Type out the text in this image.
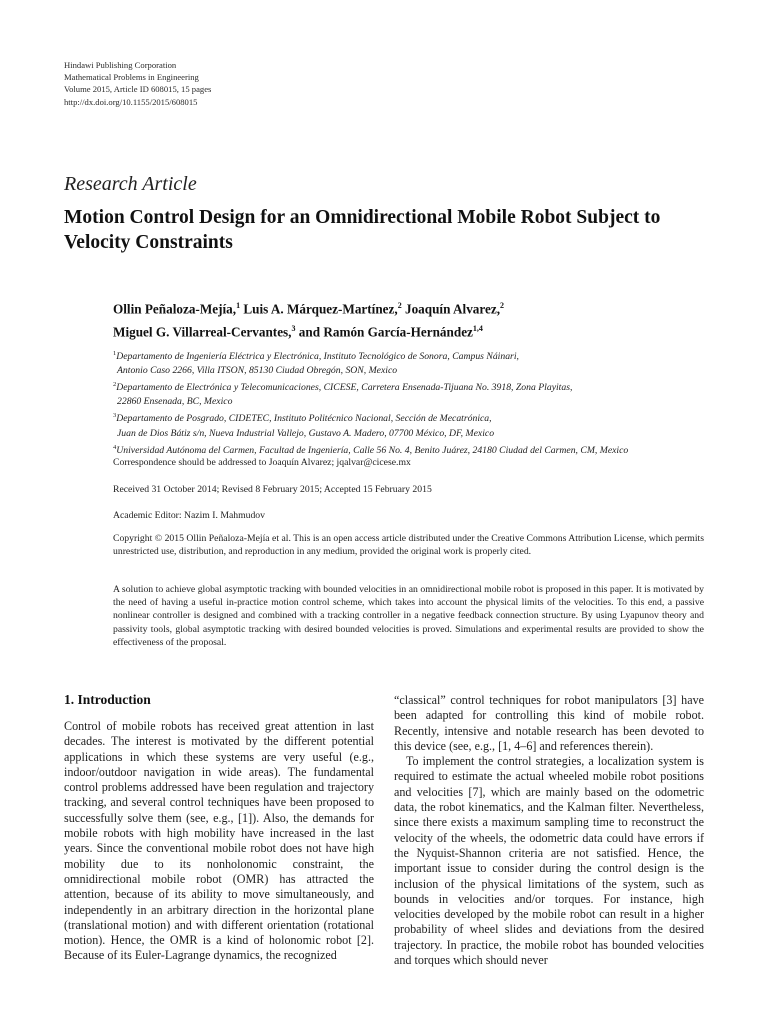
Hindawi Publishing Corporation
Mathematical Problems in Engineering
Volume 2015, Article ID 608015, 15 pages
http://dx.doi.org/10.1155/2015/608015
Research Article
Motion Control Design for an Omnidirectional Mobile Robot Subject to Velocity Constraints
Ollin Peñaloza-Mejía,$^1$ Luis A. Márquez-Martínez,$^2$ Joaquín Alvarez,$^2$
Miguel G. Villarreal-Cervantes,$^3$ and Ramón García-Hernández$^{1,4}$
$^1$Departamento de Ingeniería Eléctrica y Electrónica, Instituto Tecnológico de Sonora, Campus Náinari,
Antonio Caso 2266, Villa ITSON, 85130 Ciudad Obregón, SON, Mexico
$^2$Departamento de Electrónica y Telecomunicaciones, CICESE, Carretera Ensenada-Tijuana No. 3918, Zona Playitas,
22860 Ensenada, BC, Mexico
$^3$Departamento de Posgrado, CIDETEC, Instituto Politécnico Nacional, Sección de Mecatrónica,
Juan de Dios Bátiz s/n, Nueva Industrial Vallejo, Gustavo A. Madero, 07700 México, DF, Mexico
$^4$Universidad Autónoma del Carmen, Facultad de Ingeniería, Calle 56 No. 4, Benito Juárez, 24180 Ciudad del Carmen, CM, Mexico
Correspondence should be addressed to Joaquín Alvarez; jqalvar@cicese.mx
Received 31 October 2014; Revised 8 February 2015; Accepted 15 February 2015
Academic Editor: Nazim I. Mahmudov
Copyright © 2015 Ollin Peñaloza-Mejía et al. This is an open access article distributed under the Creative Commons Attribution License, which permits unrestricted use, distribution, and reproduction in any medium, provided the original work is properly cited.
A solution to achieve global asymptotic tracking with bounded velocities in an omnidirectional mobile robot is proposed in this paper. It is motivated by the need of having a useful in-practice motion control scheme, which takes into account the physical limits of the velocities. To this end, a passive nonlinear controller is designed and combined with a tracking controller in a negative feedback connection structure. By using Lyapunov theory and passivity tools, global asymptotic tracking with desired bounded velocities is proved. Simulations and experimental results are provided to show the effectiveness of the proposal.
1. Introduction

Control of mobile robots has received great attention in last decades. The interest is motivated by the different potential applications in which these systems are very useful (e.g., indoor/outdoor navigation in wide areas). The fundamental control problems addressed have been regulation and trajectory tracking, and several control techniques have been proposed to successfully solve them (see, e.g., [1]). Also, the demands for mobile robots with high mobility have increased in the last years. Since the conventional mobile robot does not have high mobility due to its nonholonomic constraint, the omnidirectional mobile robot (OMR) has attracted the attention, because of its ability to move simultaneously, and independently in an arbitrary direction in the horizontal plane (translational motion) and with different orientation (rotational motion). Hence, the OMR is a kind of holonomic robot [2]. Because of its Euler-Lagrange dynamics, the recognized

“classical” control techniques for robot manipulators [3] have been adapted for controlling this kind of mobile robot. Recently, intensive and notable research has been devoted to this device (see, e.g., [1, 4–6] and references therein).

To implement the control strategies, a localization system is required to estimate the actual wheeled mobile robot positions and velocities [7], which are mainly based on the odometric data, the robot kinematics, and the Kalman filter. Nevertheless, since there exists a maximum sampling time to reconstruct the velocity of the wheels, the odometric data could have errors if the Nyquist-Shannon criteria are not satisfied. Hence, the important issue to consider during the control design is the inclusion of the physical limitations of the system, such as bounds in velocities and/or torques. For instance, high velocities developed by the mobile robot can result in a higher probability of wheel slides and deviations from the desired trajectory. In practice, the mobile robot has bounded velocities and torques which should never
